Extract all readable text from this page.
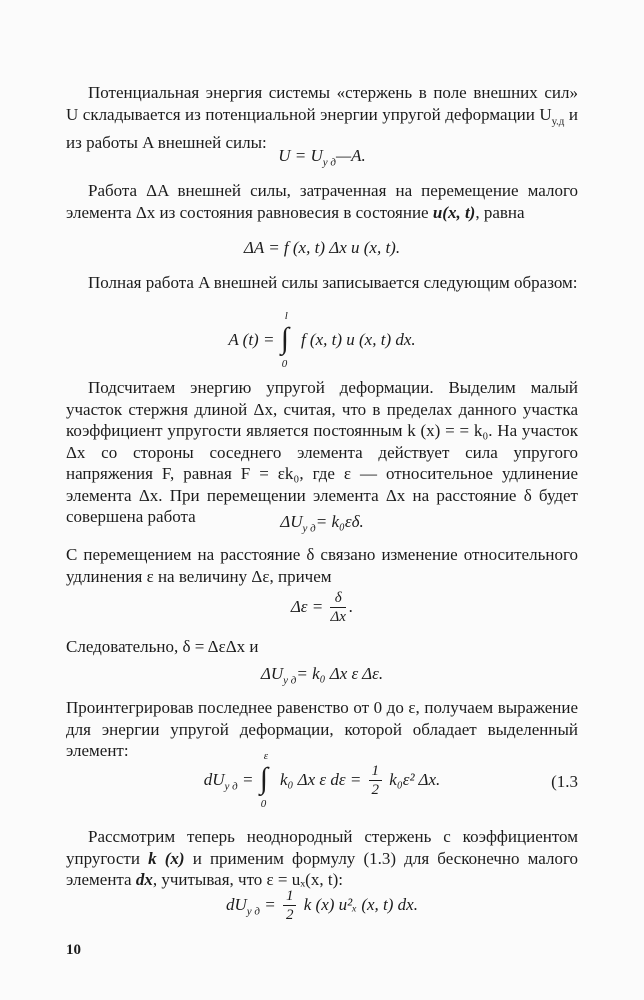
Потенциальная энергия системы «стержень в поле внешних сил» U складывается из потенциальной энергии упругой деформации $U_{у.д}$ и из работы A внешней силы:

$U = U_{у д}—A$.

Работа ΔA внешней силы, затраченная на перемещение малого элемента Δx из состояния равновесия в состояние u(x, t), равна

ΔA = f (x, t) Δx u (x, t).

Полная работа A внешней силы записывается следующим образом:

A (t) = ∫
l
0
f (x, t) u (x, t) dx.

Подсчитаем энергию упругой деформации. Выделим малый участок стержня длиной Δx, считая, что в пределах данного участка коэффициент упругости является постоянным k (x) = = k₀. На участок Δx со стороны соседнего элемента действует сила упругого напряжения F, равная F = εk₀, где ε — относительное удлинение элемента Δx. При перемещении элемента Δx на расстояние δ будет совершена работа	$\Delta U_{у д}= k_0\varepsilon\delta$.

С перемещением на расстояние δ связано изменение относительного удлинения ε на величину Δε, причем

$\Delta\varepsilon = \frac{\delta}{\Delta x}$ .

Следовательно, δ = ΔεΔx и

$\Delta U_{у д}= k_0$ Δx ε Δε.

Проинтегрировав последнее равенство от 0 до ε, получаем выражение для энергии упругой деформации, которой обладает выделенный элемент:

$dU_{у д}$ = ∫
ε
0
k₀ Δx ε $d\varepsilon = \frac{1}{2} k_0\varepsilon^2$ Δx.	(1.3

Рассмотрим теперь неоднородный стержень с коэффициентом упругости k (x) и применим формулу (1.3) для бесконечно малого элемента dx, учитывая, что ε = uₓ(x, t):

$dU_{у д} = \frac{1}{2}$ k (x) u²ₓ (x, t) dx.
10
